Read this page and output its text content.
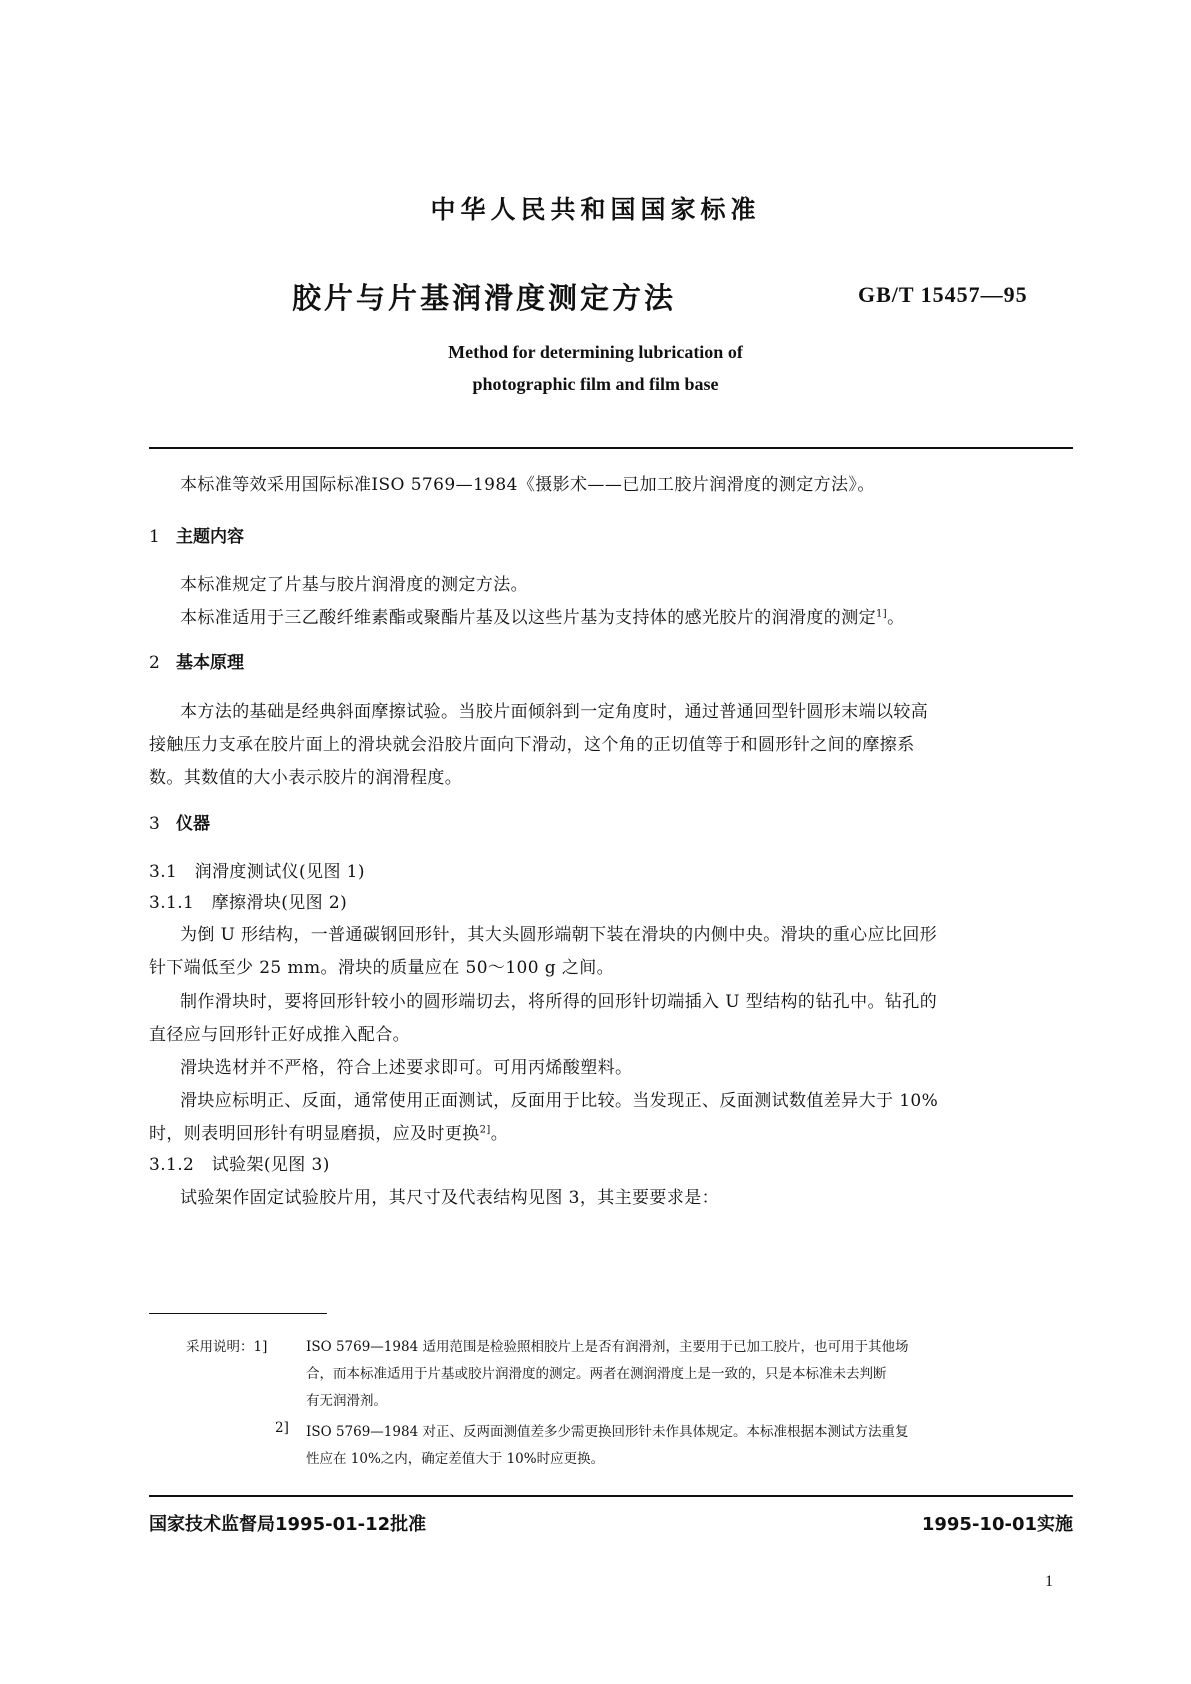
中华人民共和国国家标准
胶片与片基润滑度测定方法	GB/T 15457—95
Method for determining lubrication of
photographic film and film base
本标准等效采用国际标准ISO 5769—1984《摄影术——已加工胶片润滑度的测定方法》。
1 主题内容
本标准规定了片基与胶片润滑度的测定方法。
本标准适用于三乙酸纤维素酯或聚酯片基及以这些片基为支持体的感光胶片的润滑度的测定$^{1]}$。
2 基本原理
本方法的基础是经典斜面摩擦试验。当胶片面倾斜到一定角度时，通过普通回型针圆形末端以较高
接触压力支承在胶片面上的滑块就会沿胶片面向下滑动，这个角的正切值等于和圆形针之间的摩擦系
数。其数值的大小表示胶片的润滑程度。
3 仪器
3.1　润滑度测试仪(见图 1)
3.1.1　摩擦滑块(见图 2)
为倒 U 形结构，一普通碳钢回形针，其大头圆形端朝下装在滑块的内侧中央。滑块的重心应比回形
针下端低至少 25 mm。滑块的质量应在 50～100 g 之间。
制作滑块时，要将回形针较小的圆形端切去，将所得的回形针切端插入 U 型结构的钻孔中。钻孔的
直径应与回形针正好成推入配合。
滑块选材并不严格，符合上述要求即可。可用丙烯酸塑料。
滑块应标明正、反面，通常使用正面测试，反面用于比较。当发现正、反面测试数值差异大于 10%
时，则表明回形针有明显磨损，应及时更换$^{2]}$。
3.1.2　试验架(见图 3)
试验架作固定试验胶片用，其尺寸及代表结构见图 3，其主要要求是：
采用说明：1]	ISO 5769—1984 适用范围是检验照相胶片上是否有润滑剂，主要用于已加工胶片，也可用于其他场
合，而本标准适用于片基或胶片润滑度的测定。两者在测润滑度上是一致的，只是本标准未去判断
有无润滑剂。
2] ISO 5769—1984 对正、反两面测值差多少需更换回形针未作具体规定。本标准根据本测试方法重复
性应在 10%之内，确定差值大于 10%时应更换。
国家技术监督局1995-01-12批准	1995-10-01实施
1
